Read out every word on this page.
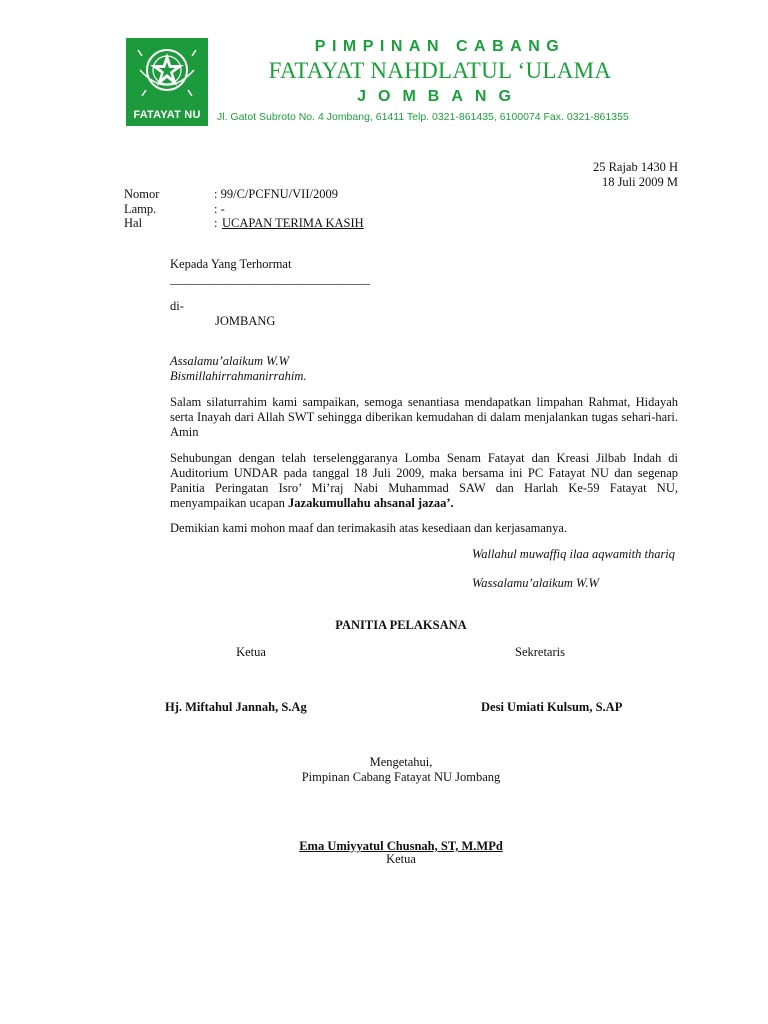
FATAYAT NU
PIMPINAN CABANG
FATAYAT NAHDLATUL ‘ULAMA
JOMBANG
Jl. Gatot Subroto No. 4 Jombang, 61411 Telp. 0321-861435, 6100074 Fax. 0321-861355
25 Rajab 1430 H
18 Juli 2009 M
Nomor	: 99/C/PCFNU/VII/2009
Lamp.	: -
Hal	: UCAPAN TERIMA KASIH
Kepada Yang Terhormat
________________________________
di-
JOMBANG
Assalamu’alaikum W.W
Bismillahirrahmanirrahim.
Salam silaturrahim kami sampaikan, semoga senantiasa mendapatkan limpahan Rahmat, Hidayah serta Inayah dari Allah SWT sehingga diberikan kemudahan di dalam menjalankan tugas sehari-hari. Amin
Sehubungan dengan telah terselenggaranya Lomba Senam Fatayat dan Kreasi Jilbab Indah di Auditorium UNDAR pada tanggal 18 Juli 2009, maka bersama ini PC Fatayat NU dan segenap Panitia Peringatan Isro’ Mi’raj Nabi Muhammad SAW dan Harlah Ke-59 Fatayat NU, menyampaikan ucapan Jazakumullahu ahsanal jazaa’.
Demikian kami mohon maaf dan terimakasih atas kesediaan dan kerjasamanya.
Wallahul muwaffiq ilaa aqwamith thariq
Wassalamu’alaikum W.W
PANITIA PELAKSANA
Ketua	Sekretaris
Hj. Miftahul Jannah, S.Ag	Desi Umiati Kulsum, S.AP
Mengetahui,
Pimpinan Cabang Fatayat NU Jombang
Ema Umiyyatul Chusnah, ST, M.MPd
Ketua
